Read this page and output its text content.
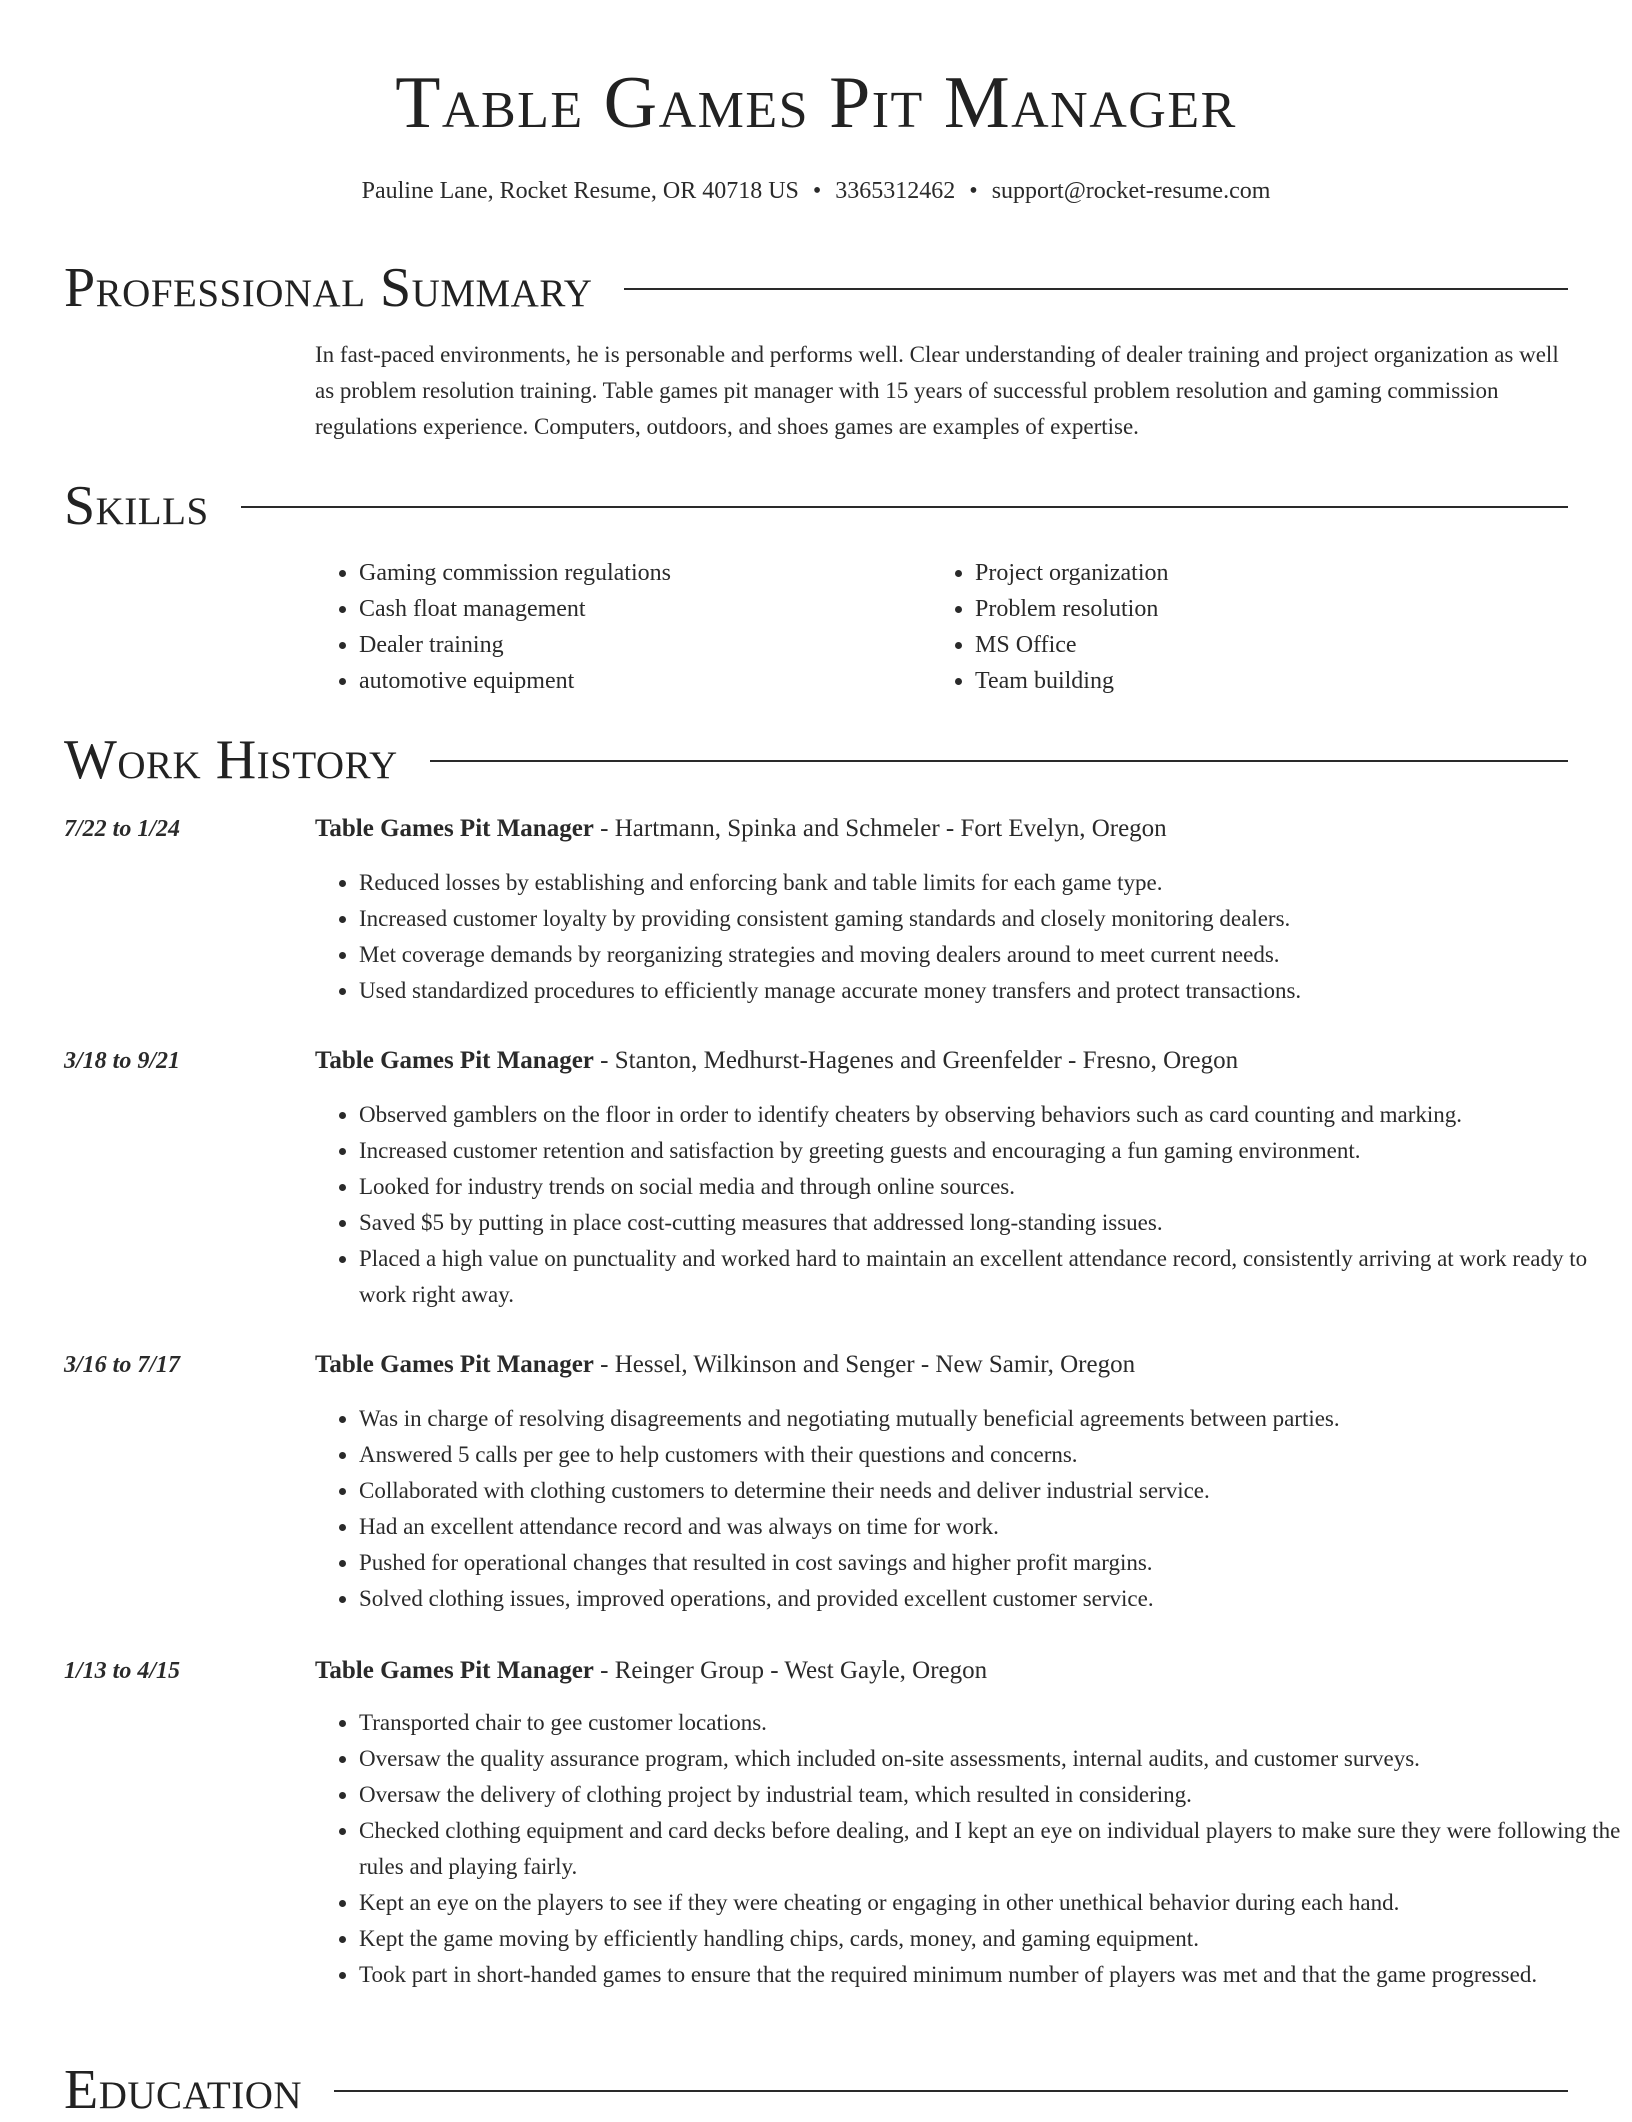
Table Games Pit Manager
Pauline Lane, Rocket Resume, OR 40718 US • 3365312462 • support@rocket-resume.com
Professional Summary

In fast-paced environments, he is personable and performs well. Clear understanding of dealer training and project organization as well as problem resolution training. Table games pit manager with 15 years of successful problem resolution and gaming commission regulations experience. Computers, outdoors, and shoes games are examples of expertise.

Skills
• Gaming commission regulations
• Cash float management
• Dealer training
• automotive equipment
• Project organization
• Problem resolution
• MS Office
• Team building
Work History
7/22 to 1/24	Table Games Pit Manager - Hartmann, Spinka and Schmeler - Fort Evelyn, Oregon
• Reduced losses by establishing and enforcing bank and table limits for each game type.
• Increased customer loyalty by providing consistent gaming standards and closely monitoring dealers.
• Met coverage demands by reorganizing strategies and moving dealers around to meet current needs.
• Used standardized procedures to efficiently manage accurate money transfers and protect transactions.
3/18 to 9/21	Table Games Pit Manager - Stanton, Medhurst-Hagenes and Greenfelder - Fresno, Oregon
• Observed gamblers on the floor in order to identify cheaters by observing behaviors such as card counting and marking.
• Increased customer retention and satisfaction by greeting guests and encouraging a fun gaming environment.
• Looked for industry trends on social media and through online sources.
• Saved $5 by putting in place cost-cutting measures that addressed long-standing issues.
• Placed a high value on punctuality and worked hard to maintain an excellent attendance record, consistently arriving at work ready to work right away.
3/16 to 7/17	Table Games Pit Manager - Hessel, Wilkinson and Senger - New Samir, Oregon
• Was in charge of resolving disagreements and negotiating mutually beneficial agreements between parties.
• Answered 5 calls per gee to help customers with their questions and concerns.
• Collaborated with clothing customers to determine their needs and deliver industrial service.
• Had an excellent attendance record and was always on time for work.
• Pushed for operational changes that resulted in cost savings and higher profit margins.
• Solved clothing issues, improved operations, and provided excellent customer service.
1/13 to 4/15	Table Games Pit Manager - Reinger Group - West Gayle, Oregon
• Transported chair to gee customer locations.
• Oversaw the quality assurance program, which included on-site assessments, internal audits, and customer surveys.
• Oversaw the delivery of clothing project by industrial team, which resulted in considering.
• Checked clothing equipment and card decks before dealing, and I kept an eye on individual players to make sure they were following the rules and playing fairly.
• Kept an eye on the players to see if they were cheating or engaging in other unethical behavior during each hand.
• Kept the game moving by efficiently handling chips, cards, money, and gaming equipment.
• Took part in short-handed games to ensure that the required minimum number of players was met and that the game progressed.
Education
